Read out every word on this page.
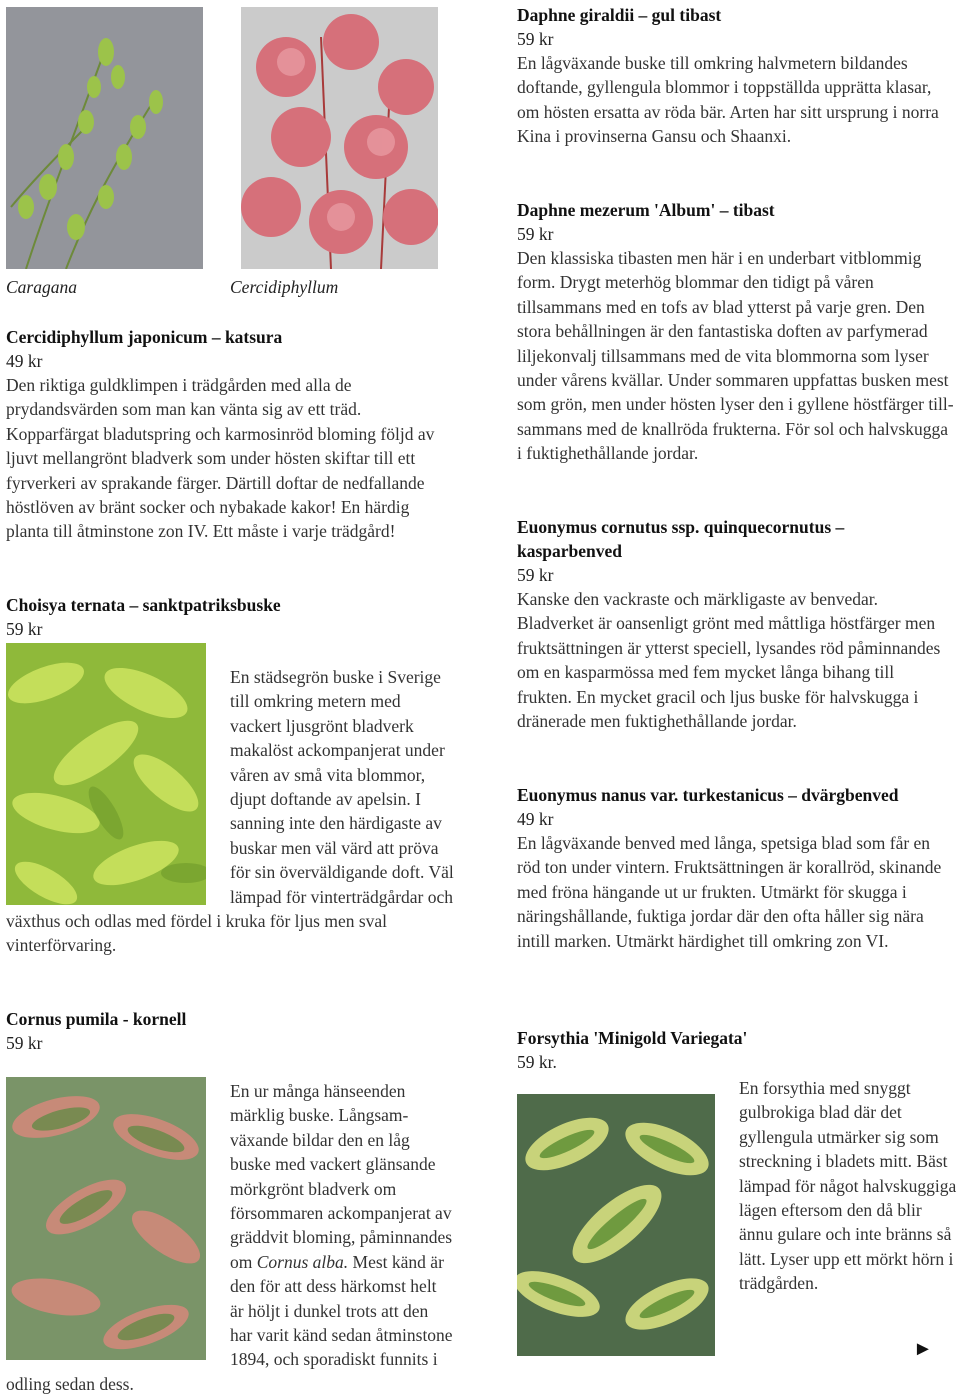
Caragana	Cercidiphyllum
Cercidiphyllum japonicum – katsura
49 kr

Den riktiga guldklimpen i trädgården med alla de prydandsvärden som man kan vänta sig av ett träd. Kopparfärgat bladutspring och karmosinröd bloming följd av ljuvt mellangrönt bladverk som under hösten skiftar till ett fyrverkeri av sprakande färger. Därtill doftar de nedfallande höstlöven av bränt socker och nybakade kakor! En härdig planta till åtminstone zon IV. Ett måste i varje trädgård!

Choisya ternata – sanktpatriksbuske
59 kr

En städsegrön buske i Sverige till omkring metern med vackert ljusgrönt bladverk makalöst ackompanjerat under våren av små vita blommor, djupt doftande av apelsin. I sanning inte den härdigaste av buskar men väl värd att pröva för sin överväldigande doft. Väl lämpad för vinterträdgårdar och växthus och odlas med fördel i kruka för ljus men sval vinterförvaring.

Cornus pumila - kornell
59 kr

En ur många hänseenden märklig buske. Långsamväxande bildar den en låg buske med vackert glänsande mörkgrönt bladverk om försommaren ackompanjerat av gräddvit bloming, påminnandes om Cornus alba. Mest känd är den för att dess härkomst helt är höljt i dunkel trots att den har varit känd sedan åtminstone 1894, och sporadiskt funnits i odling sedan dess.

Daphne giraldii – gul tibast
59 kr

En lågväxande buske till omkring halvmetern bildandes doftande, gyllengula blommor i toppställda upprätta klasar, om hösten ersatta av röda bär. Arten har sitt ursprung i norra Kina i provinserna Gansu och Shaanxi.

Daphne mezerum 'Album' – tibast
59 kr

Den klassiska tibasten men här i en underbart vitblommig form. Drygt meterhög blommar den tidigt på våren tillsammans med en tofs av blad ytterst på varje gren. Den stora behållningen är den fantastiska doften av parfymerad liljekonvalj tillsammans med de vita blommorna som lyser under vårens kvällar. Under sommaren uppfattas busken mest som grön, men under hösten lyser den i gyllene höstfärger tillsammans med de knallröda frukterna. För sol och halvskugga i fuktighethållande jordar.

Euonymus cornutus ssp. quinquecornutus – kasparbenved
59 kr

Kanske den vackraste och märkligaste av benvedar. Bladverket är oansenligt grönt med måttliga höstfärger men fruktsättningen är ytterst speciell, lysandes röd påminnandes om en kasparmössa med fem mycket långa bihang till frukten. En mycket gracil och ljus buske för halvskugga i dränerade men fuktighethållande jordar.

Euonymus nanus var. turkestanicus – dvärgbenved
49 kr

En lågväxande benved med långa, spetsiga blad som får en röd ton under vintern. Fruktsättningen är korallröd, skinande med fröna hängande ut ur frukten. Utmärkt för skugga i näringshållande, fuktiga jordar där den ofta håller sig nära intill marken. Utmärkt härdighet till omkring zon VI.

Forsythia 'Minigold Variegata'
59 kr.

En forsythia med snyggt gulbrokiga blad där det gyllengula utmärker sig som streckning i bladets mitt. Bäst lämpad för något halvskuggiga lägen eftersom den då blir ännu gulare och inte bränns så lätt. Lyser upp ett mörkt hörn i trädgården.

►
